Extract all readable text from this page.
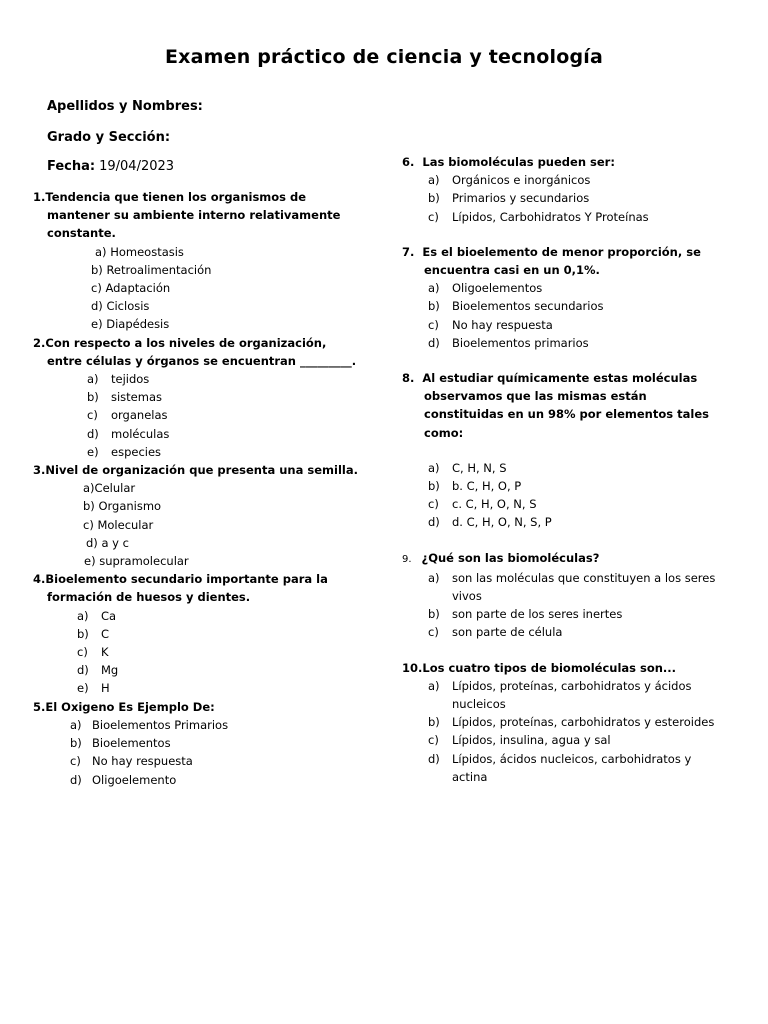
Examen práctico de ciencia y tecnología
Apellidos y Nombres:
Grado y Sección:
Fecha: 19/04/2023
1.Tendencia que tienen los organismos de mantener su ambiente interno relativamente constante.
a) Homeostasis
b) Retroalimentación
c) Adaptación
d) Ciclosis
e) Diapédesis
2.Con respecto a los niveles de organización, entre células y órganos se encuentran _________.
a)	tejidos
b)	sistemas
c)	organelas
d)	moléculas
e)	especies
3.Nivel de organización que presenta una semilla.
a)Celular
b) Organismo
c) Molecular
d) a y c
e) supramolecular
4.Bioelemento secundario importante para la formación de huesos y dientes.
a)	Ca
b)	C
c)	K
d)	Mg
e)	H
5.El Oxigeno Es Ejemplo De:
a) Bioelementos Primarios
b) Bioelementos
c) No hay respuesta
d) Oligoelemento
6. Las biomoléculas pueden ser:
a)	Orgánicos e inorgánicos
b)	Primarios y secundarios
c)	Lípidos, Carbohidratos Y Proteínas
7. Es el bioelemento de menor proporción, se encuentra casi en un 0,1%.
a)	Oligoelementos
b)	Bioelementos secundarios
c)	No hay respuesta
d)	Bioelementos primarios
8. Al estudiar químicamente estas moléculas observamos que las mismas están constituidas en un 98% por elementos tales como:
a)	C, H, N, S
b)	b. C, H, O, P
c)	c. C, H, O, N, S
d)	d. C, H, O, N, S, P
9. ¿Qué son las biomoléculas?
a)	son las moléculas que constituyen a los seres vivos
b)	son parte de los seres inertes
c)	son parte de célula
10.Los cuatro tipos de biomoléculas son...
a)	Lípidos, proteínas, carbohidratos y ácidos nucleicos
b)	Lípidos, proteínas, carbohidratos y esteroides
c)	Lípidos, insulina, agua y sal
d)	Lípidos, ácidos nucleicos, carbohidratos y actina
